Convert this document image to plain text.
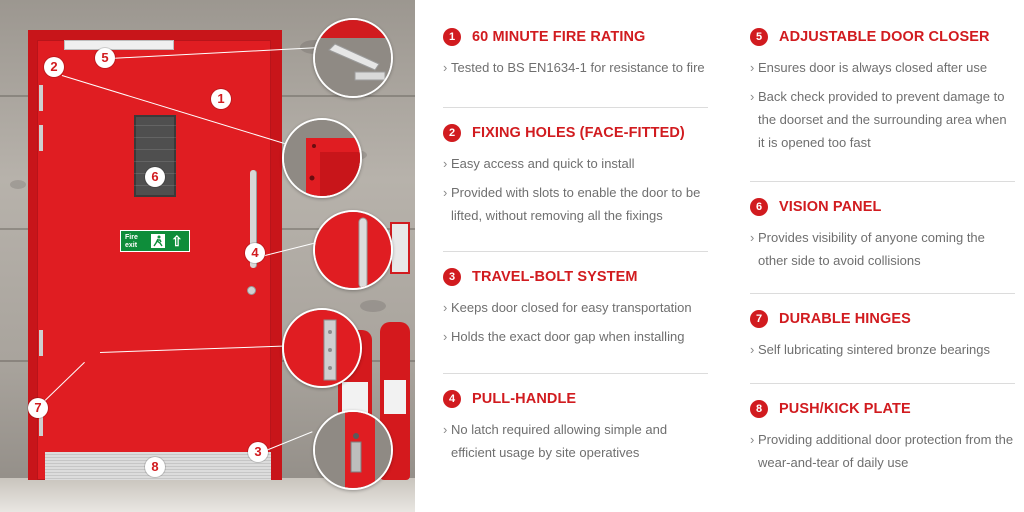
Fire exit	⇧
1
2
3
4
5
6
7
8
1	60 MINUTE FIRE RATING
› Tested to BS EN1634-1 for resistance to fire
2	FIXING HOLES (FACE-FITTED)
› Easy access and quick to install
› Provided with slots to enable the door to be lifted, without removing all the fixings
3	TRAVEL-BOLT SYSTEM
› Keeps door closed for easy transportation
› Holds the exact door gap when installing
4	PULL-HANDLE
› No latch required allowing simple and efficient usage by site operatives
5	ADJUSTABLE DOOR CLOSER
› Ensures door is always closed after use
› Back check provided to prevent damage to the doorset and the surrounding area when it is opened too fast
6	VISION PANEL
› Provides visibility of anyone coming the other side to avoid collisions
7	DURABLE HINGES
› Self lubricating sintered bronze bearings
8	PUSH/KICK PLATE
› Providing additional door protection from the wear-and-tear of daily use
